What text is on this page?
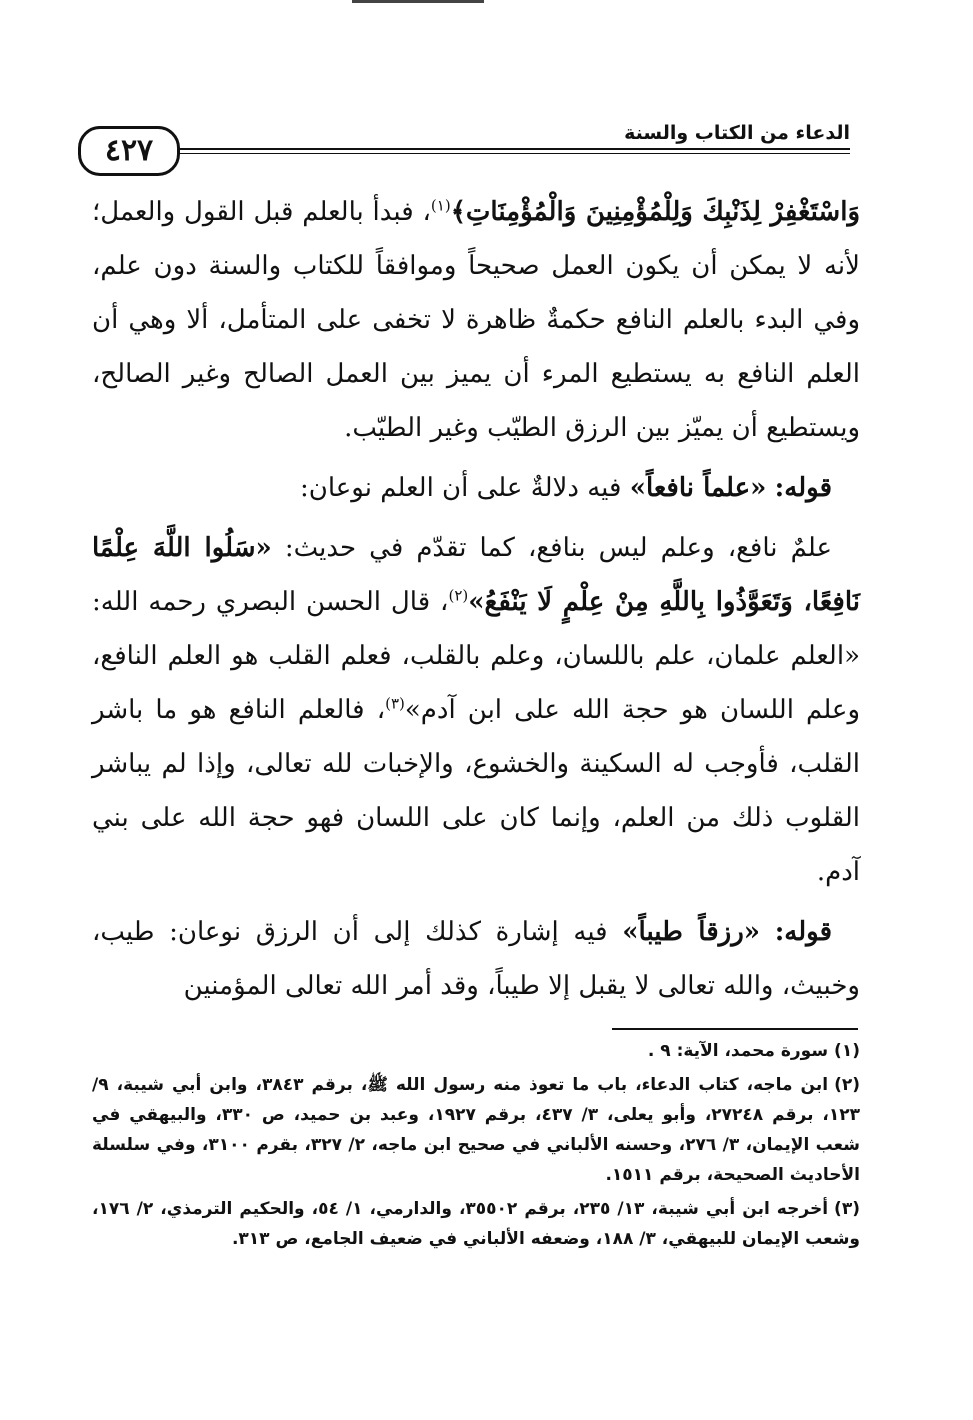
الدعاء من الكتاب والسنة
٤٢٧

وَاسْتَغْفِرْ لِذَنْبِكَ وَلِلْمُؤْمِنِينَ وَالْمُؤْمِنَاتِ﴾$^{(١)}$، فبدأ بالعلم قبل القول والعمل؛ لأنه لا يمكن أن يكون العمل صحيحاً وموافقاً للكتاب والسنة دون علم، وفي البدء بالعلم النافع حكمةٌ ظاهرة لا تخفى على المتأمل، ألا وهي أن العلم النافع به يستطيع المرء أن يميز بين العمل الصالح وغير الصالح، ويستطيع أن يميّز بين الرزق الطيّب وغير الطيّب.

قوله: «علماً نافعاً» فيه دلالةٌ على أن العلم نوعان:

علمٌ نافع، وعلم ليس بنافع، كما تقدّم في حديث: «سَلُوا اللَّهَ عِلْمًا نَافِعًا، وَتَعَوَّذُوا بِاللَّهِ مِنْ عِلْمٍ لَا يَنْفَعُ»$^{(٢)}$، قال الحسن البصري رحمه الله: «العلم علمان، علم باللسان، وعلم بالقلب، فعلم القلب هو العلم النافع، وعلم اللسان هو حجة الله على ابن آدم»$^{(٣)}$، فالعلم النافع هو ما باشر القلب، فأوجب له السكينة والخشوع، والإخبات لله تعالى، وإذا لم يباشر القلوب ذلك من العلم، وإنما كان على اللسان فهو حجة الله على بني آدم.

قوله: «رزقاً طيباً» فيه إشارة كذلك إلى أن الرزق نوعان: طيب، وخبيث، والله تعالى لا يقبل إلا طيباً، وقد أمر الله تعالى المؤمنين

(١)سورة محمد، الآية: ٩ .
(٢)ابن ماجه، كتاب الدعاء، باب ما تعوذ منه رسول الله ﷺ، برقم ٣٨٤٣، وابن أبي شيبة، ٩/ ١٢٣، برقم ٢٧٢٤٨، وأبو يعلى، ٣/ ٤٣٧، برقم ١٩٢٧، وعبد بن حميد، ص ٣٣٠، والبيهقي في شعب الإيمان، ٣/ ٢٧٦، وحسنه الألباني في صحيح ابن ماجه، ٢/ ٣٢٧، بقرم ٣١٠٠، وفي سلسلة الأحاديث الصحيحة، برقم ١٥١١.
(٣)أخرجه ابن أبي شيبة، ١٣/ ٢٣٥، برقم ٣٥٥٠٢، والدارمي، ١/ ٥٤، والحكيم الترمذي، ٢/ ١٧٦، وشعب الإيمان للبيهقي، ٣/ ١٨٨، وضعفه الألباني في ضعيف الجامع، ص ٣١٣.
